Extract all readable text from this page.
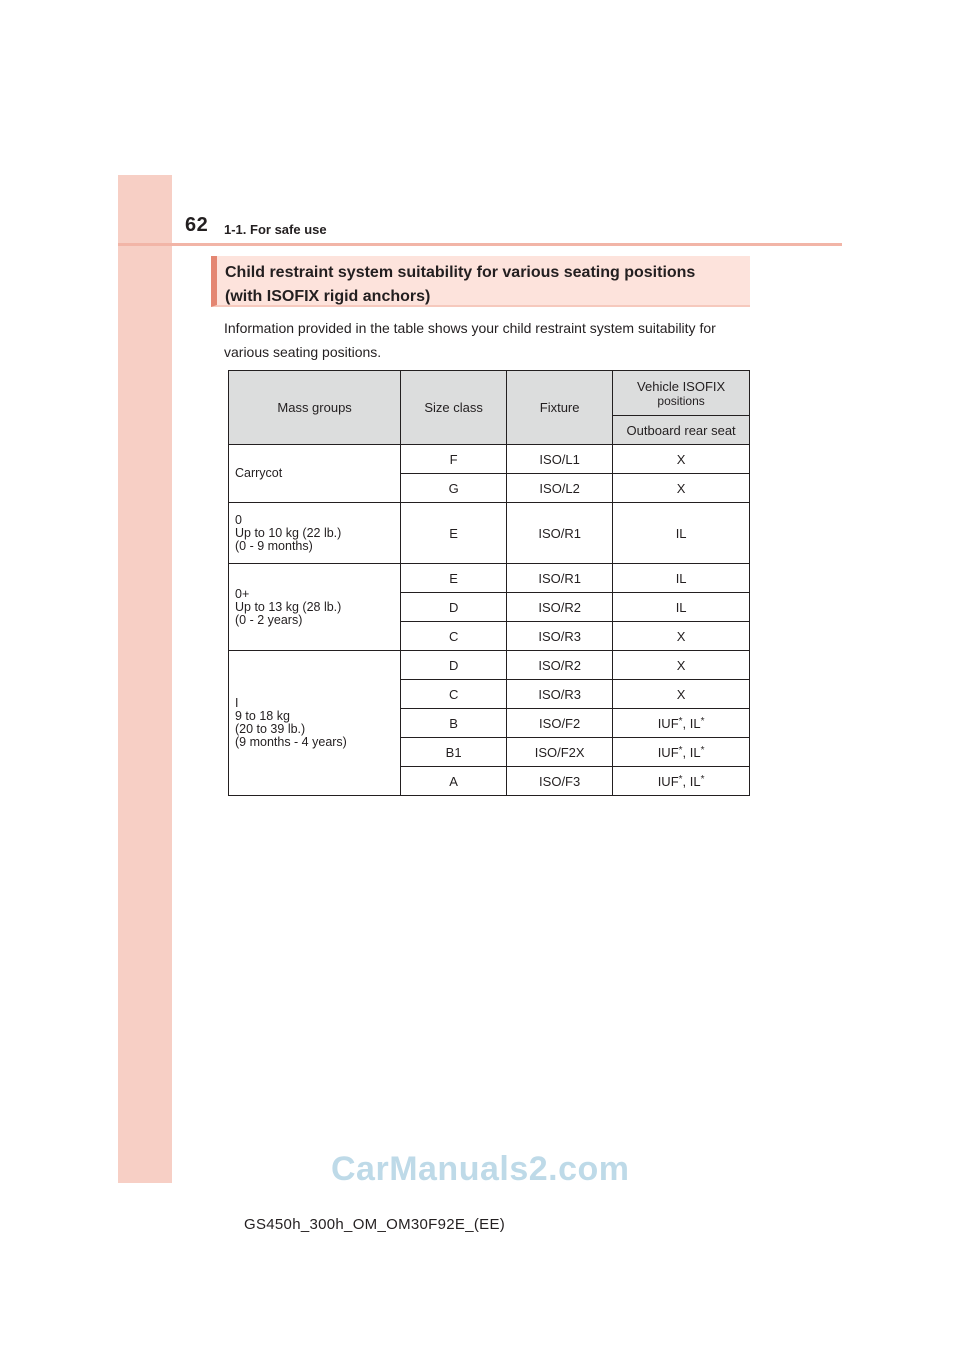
62 1-1. For safe use
Child restraint system suitability for various seating positions
(with ISOFIX rigid anchors)
Information provided in the table shows your child restraint system suitability for various seating positions.
Mass groups	Size class	Fixture	Vehicle ISOFIX
positions
			Outboard rear seat

Carrycot	F	ISO/L1	X
	G	ISO/L2	X

0
Up to 10 kg (22 lb.)
(0 - 9 months)	E	ISO/R1	IL

0+
Up to 13 kg (28 lb.)
(0 - 2 years)	E	ISO/R1	IL
	D	ISO/R2	IL
	C	ISO/R3	X

I
9 to 18 kg
(20 to 39 lb.)
(9 months - 4 years)	D	ISO/R2	X
	C	ISO/R3	X
	B	ISO/F2	IUF*, IL*
	B1	ISO/F2X	IUF*, IL*
	A	ISO/F3	IUF*, IL*
CarManuals2.com
GS450h_300h_OM_OM30F92E_(EE)
